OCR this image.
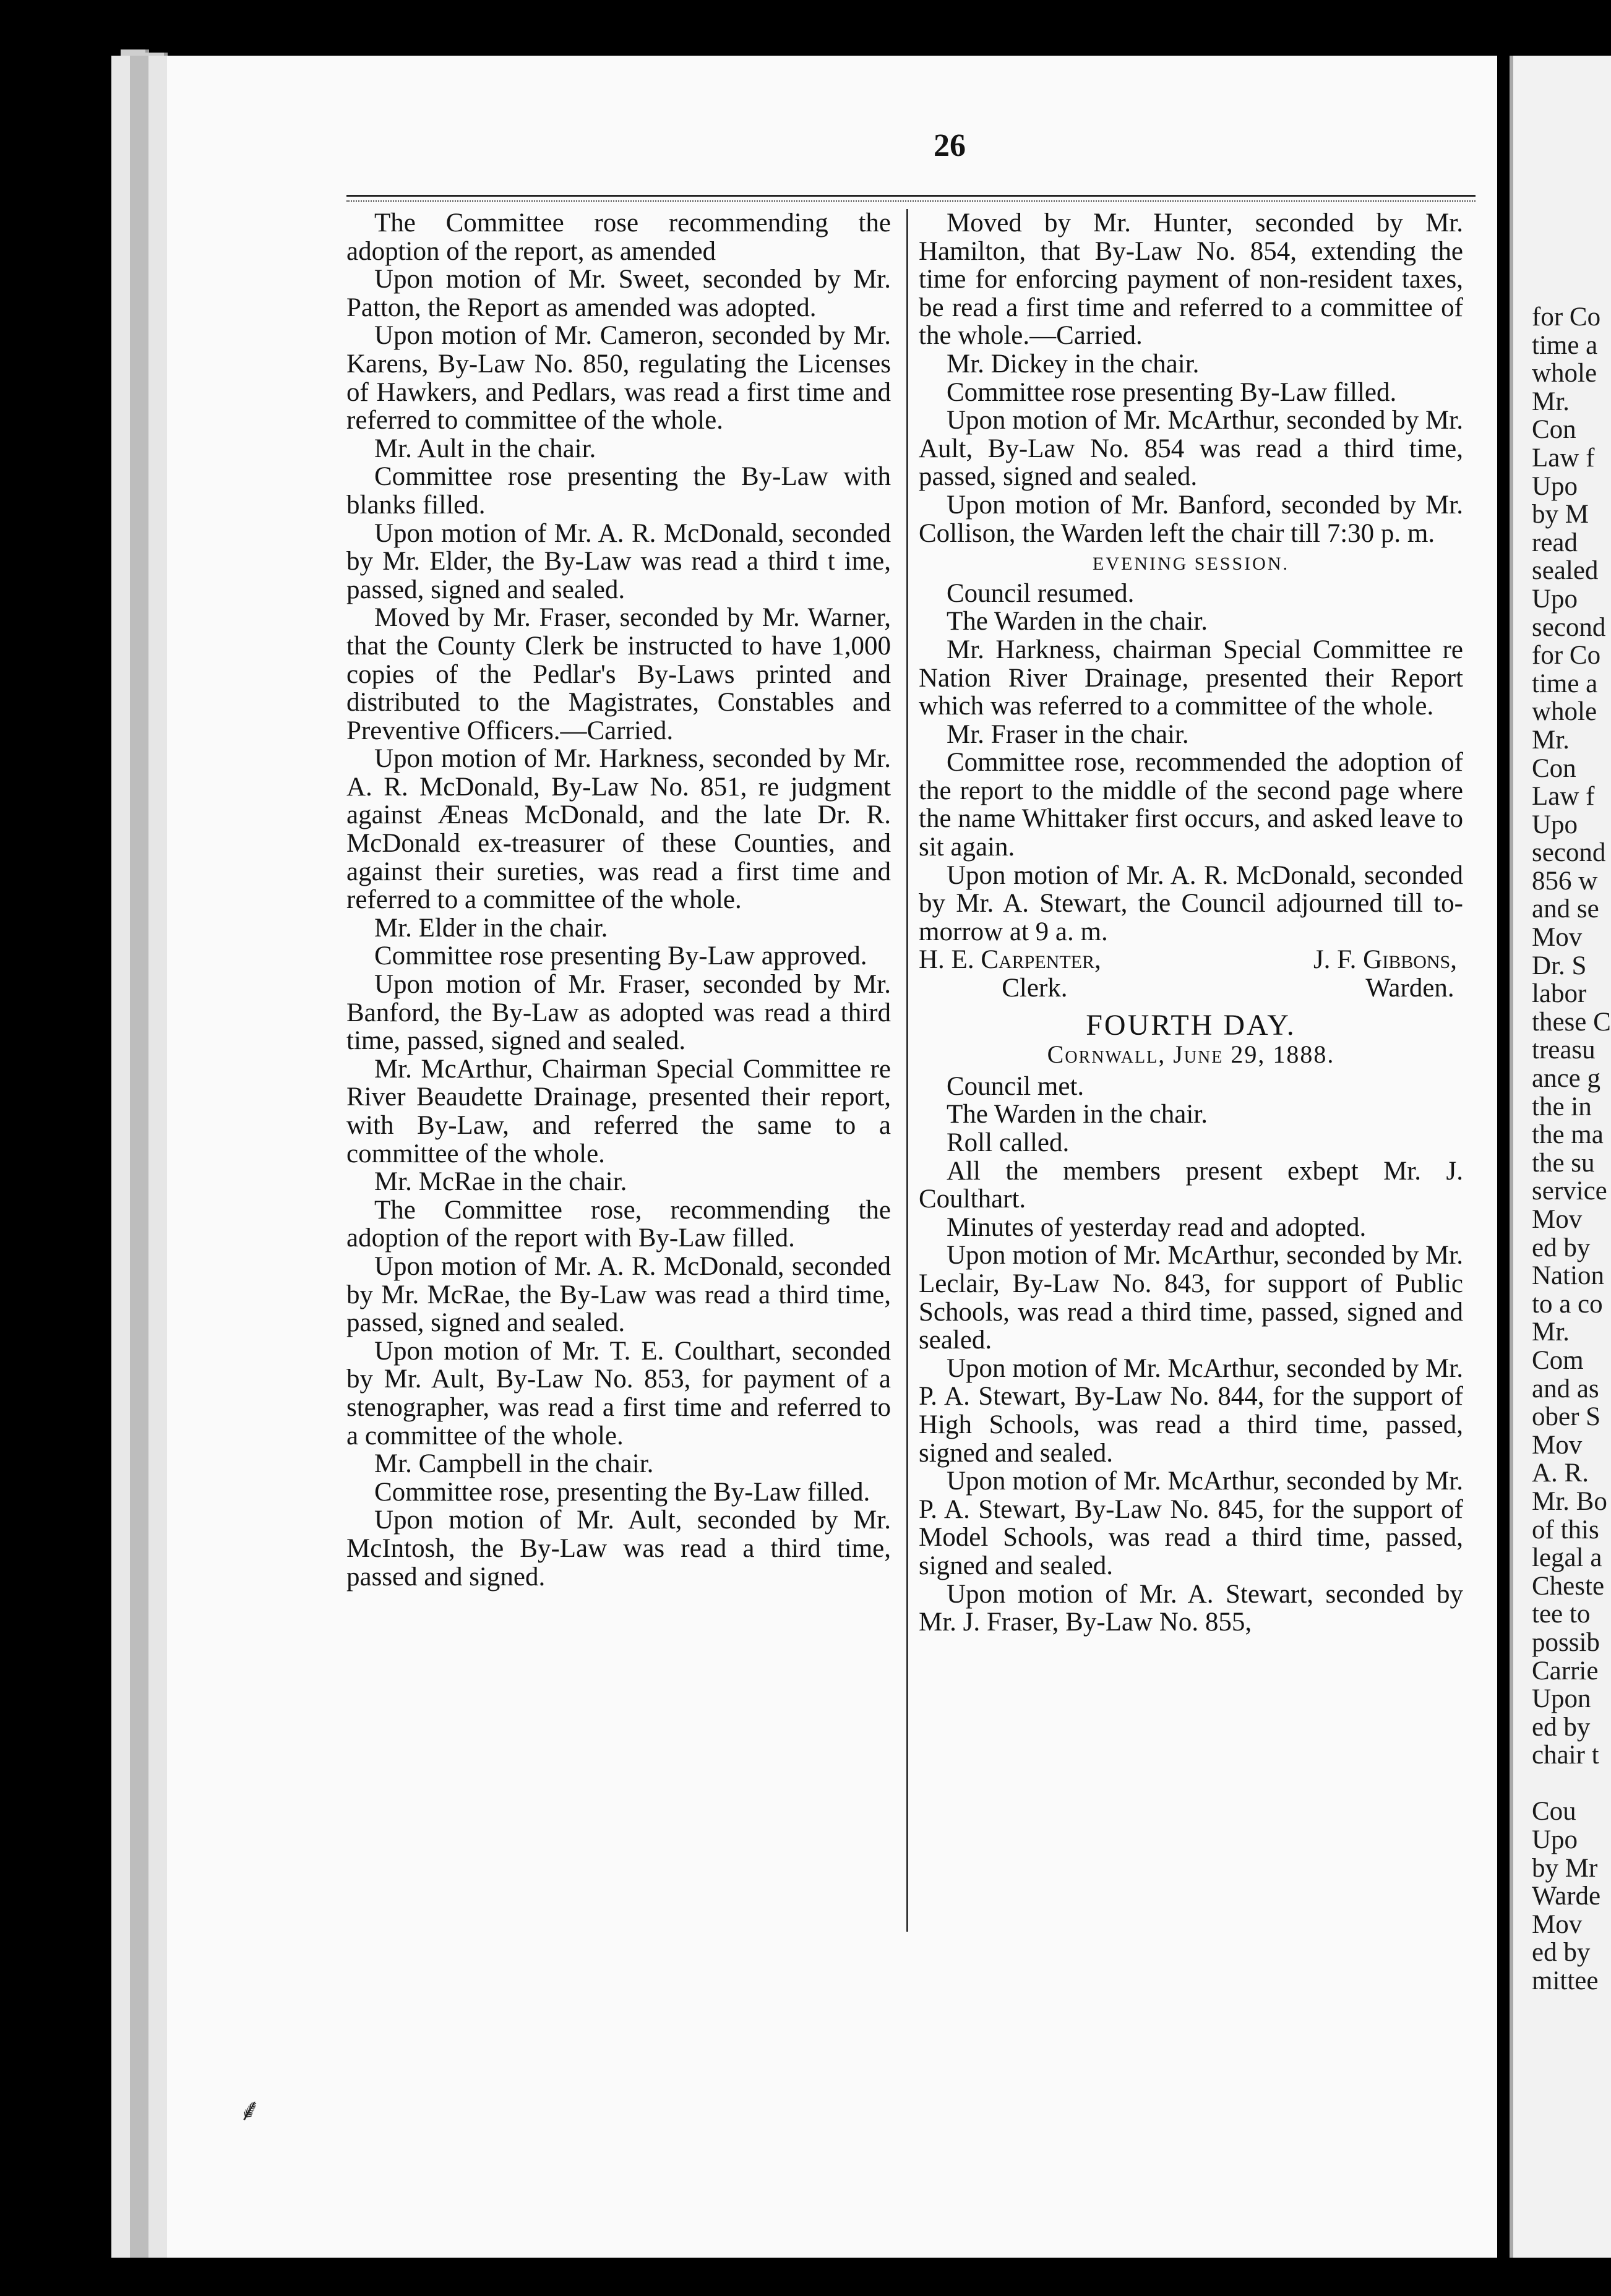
26

The Committee rose recommending the adoption of the report, as amended

Upon motion of Mr. Sweet, seconded by Mr. Patton, the Report as amended was adopted.

Upon motion of Mr. Cameron, seconded by Mr. Karens, By-Law No. 850, regulating the Licenses of Hawkers, and Pedlars, was read a first time and referred to committee of the whole.

Mr. Ault in the chair.

Committee rose presenting the By-Law with blanks filled.

Upon motion of Mr. A. R. McDonald, seconded by Mr. Elder, the By-Law was read a third t ime, passed, signed and sealed.

Moved by Mr. Fraser, seconded by Mr. Warner, that the County Clerk be instructed to have 1,000 copies of the Pedlar's By-Laws printed and distributed to the Magistrates, Constables and Preventive Officers.—Carried.

Upon motion of Mr. Harkness, seconded by Mr. A. R. McDonald, By-Law No. 851, re judgment against Æneas McDonald, and the late Dr. R. McDonald ex-treasurer of these Counties, and against their sureties, was read a first time and referred to a committee of the whole.

Mr. Elder in the chair.

Committee rose presenting By-Law approved.

Upon motion of Mr. Fraser, seconded by Mr. Banford, the By-Law as adopted was read a third time, passed, signed and sealed.

Mr. McArthur, Chairman Special Committee re River Beaudette Drainage, presented their report, with By-Law, and referred the same to a committee of the whole.

Mr. McRae in the chair.

The Committee rose, recommending the adoption of the report with By-Law filled.

Upon motion of Mr. A. R. McDonald, seconded by Mr. McRae, the By-Law was read a third time, passed, signed and sealed.

Upon motion of Mr. T. E. Coulthart, seconded by Mr. Ault, By-Law No. 853, for payment of a stenographer, was read a first time and referred to a committee of the whole.

Mr. Campbell in the chair.

Committee rose, presenting the By-Law filled.

Upon motion of Mr. Ault, seconded by Mr. McIntosh, the By-Law was read a third time, passed and signed.

Moved by Mr. Hunter, seconded by Mr. Hamilton, that By-Law No. 854, extending the time for enforcing payment of non-resident taxes, be read a first time and referred to a committee of the whole.—Carried.

Mr. Dickey in the chair.

Committee rose presenting By-Law filled.

Upon motion of Mr. McArthur, seconded by Mr. Ault, By-Law No. 854 was read a third time, passed, signed and sealed.

Upon motion of Mr. Banford, seconded by Mr. Collison, the Warden left the chair till 7:30 p. m.

EVENING SESSION.

Council resumed.

The Warden in the chair.

Mr. Harkness, chairman Special Committee re Nation River Drainage, presented their Report which was referred to a committee of the whole.

Mr. Fraser in the chair.

Committee rose, recommended the adoption of the report to the middle of the second page where the name Whittaker first occurs, and asked leave to sit again.

Upon motion of Mr. A. R. McDonald, seconded by Mr. A. Stewart, the Council adjourned till to-morrow at 9 a. m.

H. E. Carpenter,
Clerk.
J. F. Gibbons,
Warden.

FOURTH DAY.

Cornwall, June 29, 1888.

Council met.

The Warden in the chair.

Roll called.

All the members present exbept Mr. J. Coulthart.

Minutes of yesterday read and adopted.

Upon motion of Mr. McArthur, seconded by Mr. Leclair, By-Law No. 843, for support of Public Schools, was read a third time, passed, signed and sealed.

Upon motion of Mr. McArthur, seconded by Mr. P. A. Stewart, By-Law No. 844, for the support of High Schools, was read a third time, passed, signed and sealed.

Upon motion of Mr. McArthur, seconded by Mr. P. A. Stewart, By-Law No. 845, for the support of Model Schools, was read a third time, passed, signed and sealed.

Upon motion of Mr. A. Stewart, seconded by Mr. J. Fraser, By-Law No. 855,

for Co
time a
whole
Mr.
Con
Law f
Upo
by M
read
sealed
Upo
second
for Co
time a
whole
Mr.
Con
Law f
Upo
second
856 w
and se
Mov
Dr. S
labor
these C
treasu
ance g
the in
the ma
the su
service
Mov
ed by
Nation
to a co
Mr.
Com
and as
ober S
Mov
A. R.
Mr. Bo
of this
legal a
Cheste
tee to
possib
Carrie
Upon
ed by
chair t
Cou
Upo
by Mr
Warde
Mov
ed by
mittee
⸙
